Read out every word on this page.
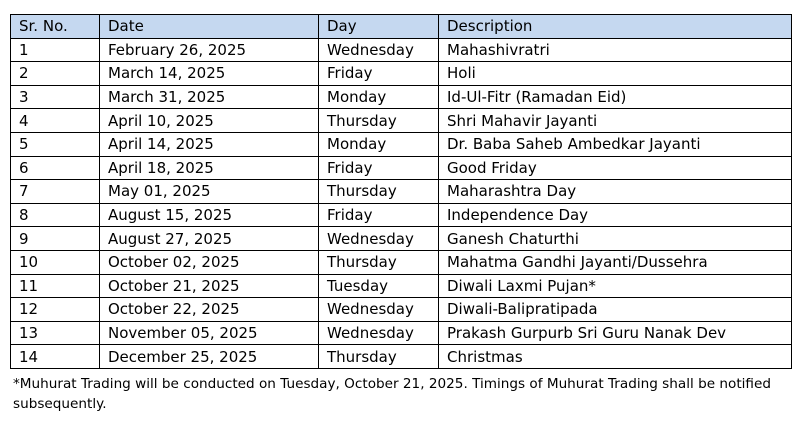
Sr. No.	Date	Day	Description
1	February 26, 2025	Wednesday	Mahashivratri
2	March 14, 2025	Friday	Holi
3	March 31, 2025	Monday	Id-Ul-Fitr (Ramadan Eid)
4	April 10, 2025	Thursday	Shri Mahavir Jayanti
5	April 14, 2025	Monday	Dr. Baba Saheb Ambedkar Jayanti
6	April 18, 2025	Friday	Good Friday
7	May 01, 2025	Thursday	Maharashtra Day
8	August 15, 2025	Friday	Independence Day
9	August 27, 2025	Wednesday	Ganesh Chaturthi
10	October 02, 2025	Thursday	Mahatma Gandhi Jayanti/Dussehra
11	October 21, 2025	Tuesday	Diwali Laxmi Pujan*
12	October 22, 2025	Wednesday	Diwali-Balipratipada
13	November 05, 2025	Wednesday	Prakash Gurpurb Sri Guru Nanak Dev
14	December 25, 2025	Thursday	Christmas

*Muhurat Trading will be conducted on Tuesday, October 21, 2025. Timings of Muhurat Trading shall be notified subsequently.
